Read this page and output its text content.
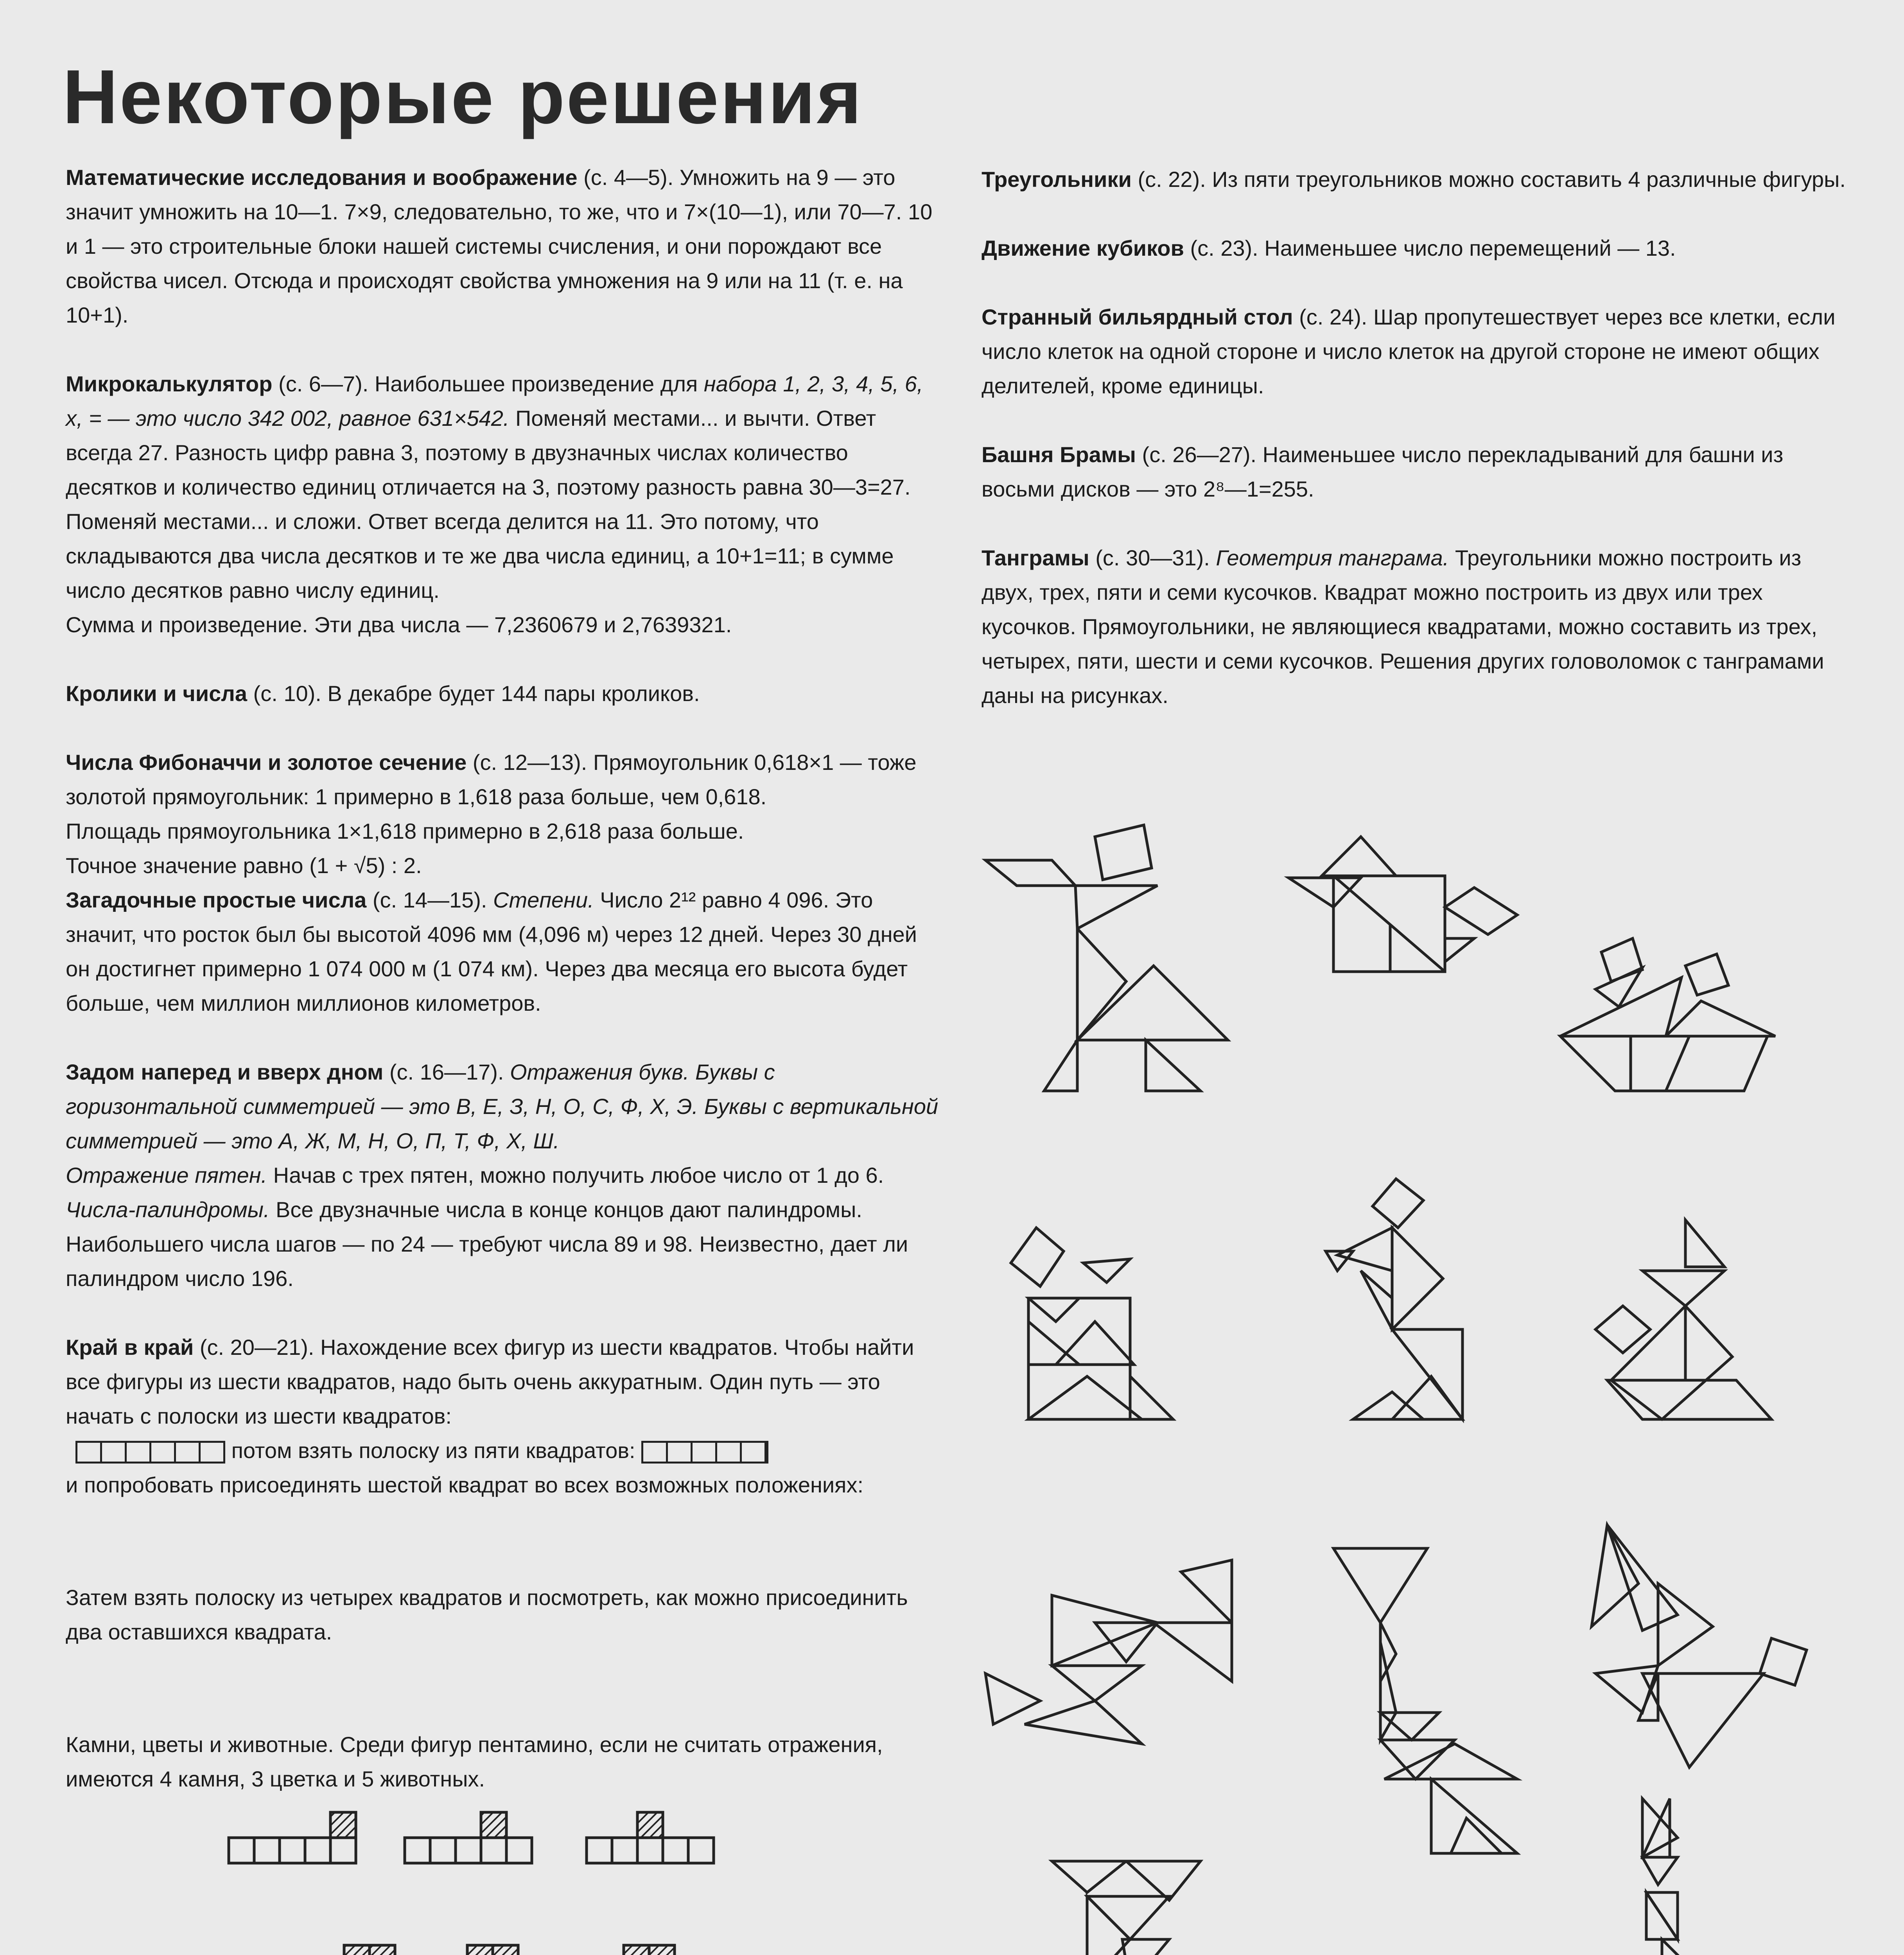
Некоторые решения

Математические исследования и воображение (с. 4—5). Умножить на 9 — это значит умножить на 10—1. 7×9, следовательно, то же, что и 7×(10—1), или 70—7. 10 и 1 — это строительные блоки нашей системы счисления, и они порождают все свойства чисел. Отсюда и происходят свойства умножения на 9 или на 11 (т. е. на 10+1).

Микрокалькулятор (с. 6—7). Наибольшее произведение для набора 1, 2, 3, 4, 5, 6, x, = — это число 342 002, равное 631×542. Поменяй местами... и вычти. Ответ всегда 27. Разность цифр равна 3, поэтому в двузначных числах количество десятков и количество единиц отличается на 3, поэтому разность равна 30—3=27.

Поменяй местами... и сложи. Ответ всегда делится на 11. Это потому, что складываются два числа десятков и те же два числа единиц, а 10+1=11; в сумме число десятков равно числу единиц.

Сумма и произведение. Эти два числа — 7,2360679 и 2,7639321.

Кролики и числа (с. 10). В декабре будет 144 пары кроликов.

Числа Фибоначчи и золотое сечение (с. 12—13). Прямоугольник 0,618×1 — тоже золотой прямоугольник: 1 примерно в 1,618 раза больше, чем 0,618.

Площадь прямоугольника 1×1,618 примерно в 2,618 раза больше.

Точное значение равно (1 + √5) : 2.

Загадочные простые числа (с. 14—15). Степени. Число 2¹² равно 4 096. Это значит, что росток был бы высотой 4096 мм (4,096 м) через 12 дней. Через 30 дней он достигнет примерно 1 074 000 м (1 074 км). Через два месяца его высота будет больше, чем миллион миллионов километров.

Задом наперед и вверх дном (с. 16—17). Отражения букв. Буквы с горизонтальной симметрией — это В, Е, З, Н, О, С, Ф, Х, Э. Буквы с вертикальной симметрией — это А, Ж, М, Н, О, П, Т, Ф, Х, Ш.

Отражение пятен. Начав с трех пятен, можно получить любое число от 1 до 6.

Числа-палиндромы. Все двузначные числа в конце концов дают палиндромы. Наибольшего числа шагов — по 24 — требуют числа 89 и 98. Неизвестно, дает ли палиндром число 196.

Край в край (с. 20—21). Нахождение всех фигур из шести квадратов. Чтобы найти все фигуры из шести квадратов, надо быть очень аккуратным. Один путь — это начать с полоски из шести квадратов:

потом взять полоску из пяти квадратов:

и попробовать присоединять шестой квадрат во всех возможных положениях:

Затем взять полоску из четырех квадратов и посмотреть, как можно присоединить два оставшихся квадрата.

Камни, цветы и животные. Среди фигур пентамино, если не считать отражения, имеются 4 камня, 3 цветка и 5 животных.

Треугольники (с. 22). Из пяти треугольников можно составить 4 различные фигуры.

Движение кубиков (с. 23). Наименьшее число перемещений — 13.

Странный бильярдный стол (с. 24). Шар пропутешествует через все клетки, если число клеток на одной стороне и число клеток на другой стороне не имеют общих делителей, кроме единицы.

Башня Брамы (с. 26—27). Наименьшее число перекладываний для башни из восьми дисков — это 2⁸—1=255.

Танграмы (с. 30—31). Геометрия танграма. Треугольники можно построить из двух, трех, пяти и семи кусочков. Квадрат можно построить из двух или трех кусочков. Прямоугольники, не являющиеся квадратами, можно составить из трех, четырех, пяти, шести и семи кусочков. Решения других головоломок с танграмами даны на рисунках.
